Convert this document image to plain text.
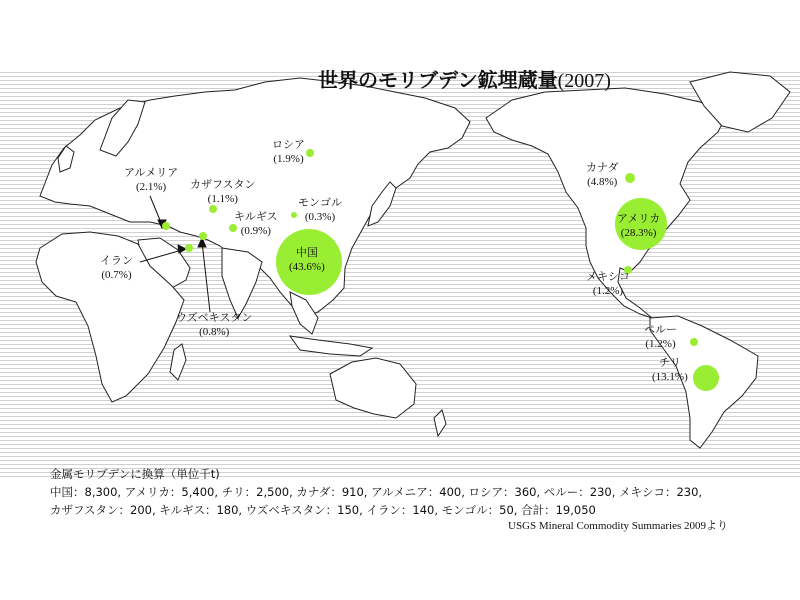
世界のモリブデン鉱埋蔵量(2007)
ロシア
(1.9%)
アルメリア
(2.1%)	カザフスタン
(1.1%)	モンゴル
(0.3%)
キルギス
(0.9%)
イラン
(0.7%)
中国
(43.6%)
ウズベキスタン
(0.8%)
カナダ
(4.8%)
アメリカ
(28.3%)
メキシコ
(1.2%)
ペルー
(1.2%)
チリ
(13.1%)
金属モリブデンに換算（単位千t)
中国：8,300, アメリカ：5,400, チリ：2,500, カナダ：910, アルメニア：400, ロシア：360, ペルー：230, メキシコ：230,
カザフスタン：200, キルギス：180, ウズベキスタン：150, イラン：140, モンゴル：50, 合計：19,050
USGS Mineral Commodity Summaries 2009より
